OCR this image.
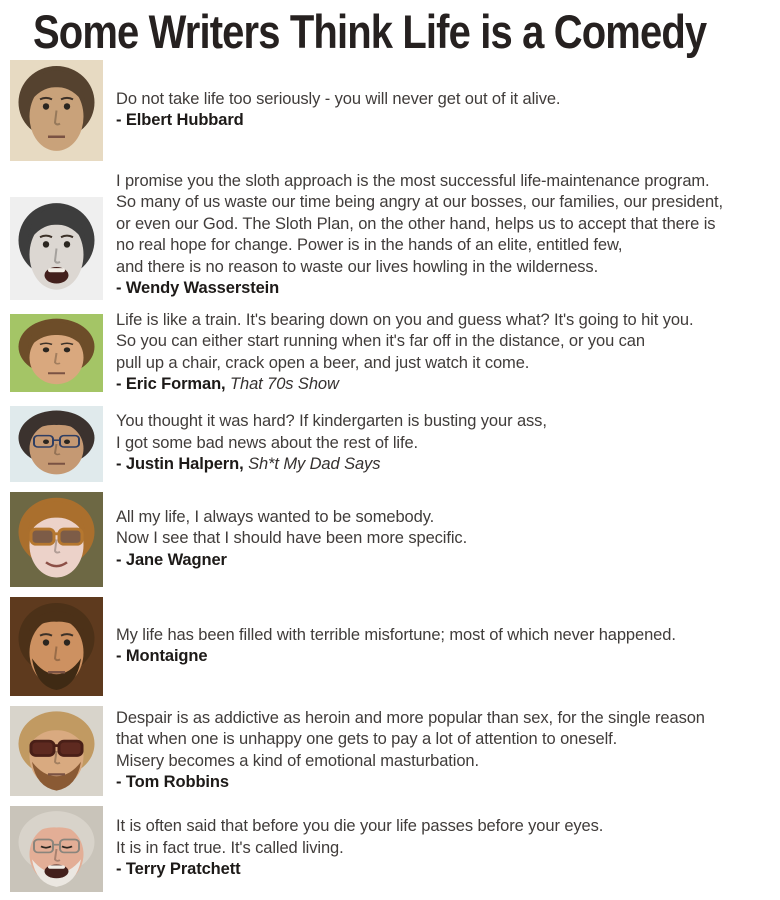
Some Writers Think Life is a Comedy
Do not take life too seriously - you will never get out of it alive.
- Elbert Hubbard
I promise you the sloth approach is the most successful life-maintenance program.
So many of us waste our time being angry at our bosses, our families, our president,
or even our God. The Sloth Plan, on the other hand, helps us to accept that there is
no real hope for change. Power is in the hands of an elite, entitled few,
and there is no reason to waste our lives howling in the wilderness.
- Wendy Wasserstein
Life is like a train. It's bearing down on you and guess what? It's going to hit you.
So you can either start running when it's far off in the distance, or you can
pull up a chair, crack open a beer, and just watch it come.
- Eric Forman, That 70s Show
You thought it was hard? If kindergarten is busting your ass,
I got some bad news about the rest of life.
- Justin Halpern, Sh*t My Dad Says
All my life, I always wanted to be somebody.
Now I see that I should have been more specific.
- Jane Wagner
My life has been filled with terrible misfortune; most of which never happened.
- Montaigne
Despair is as addictive as heroin and more popular than sex, for the single reason
that when one is unhappy one gets to pay a lot of attention to oneself.
Misery becomes a kind of emotional masturbation.
- Tom Robbins
It is often said that before you die your life passes before your eyes.
It is in fact true. It's called living.
- Terry Pratchett
